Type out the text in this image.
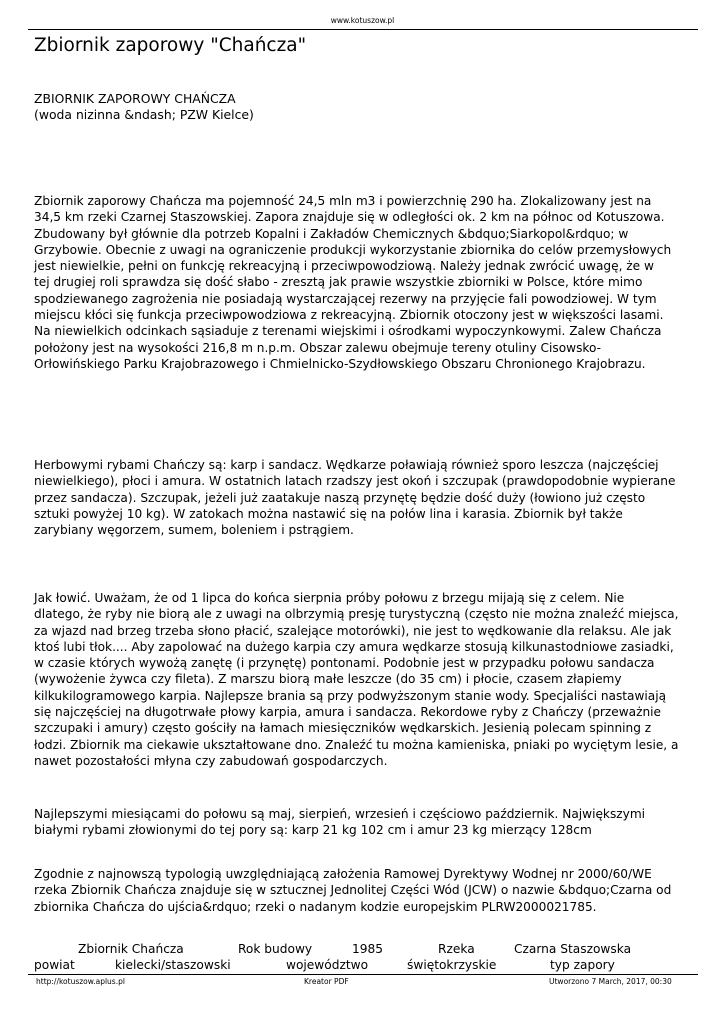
www.kotuszow.pl
Zbiornik zaporowy "Chańcza"
ZBIORNIK ZAPOROWY CHAŃCZA
(woda nizinna &ndash; PZW Kielce)
Zbiornik zaporowy Chańcza ma pojemność 24,5 mln m3 i powierzchnię 290 ha. Zlokalizowany jest na
34,5 km rzeki Czarnej Staszowskiej. Zapora znajduje się w odległości ok. 2 km na północ od Kotuszowa.
Zbudowany był głównie dla potrzeb Kopalni i Zakładów Chemicznych &bdquo;Siarkopol&rdquo; w
Grzybowie. Obecnie z uwagi na ograniczenie produkcji wykorzystanie zbiornika do celów przemysłowych
jest niewielkie, pełni on funkcję rekreacyjną i przeciwpowodziową. Należy jednak zwrócić uwagę, że w
tej drugiej roli sprawdza się dość słabo - zresztą jak prawie wszystkie zbiorniki w Polsce, które mimo
spodziewanego zagrożenia nie posiadają wystarczającej rezerwy na przyjęcie fali powodziowej. W tym
miejscu kłóci się funkcja przeciwpowodziowa z rekreacyjną. Zbiornik otoczony jest w większości lasami.
Na niewielkich odcinkach sąsiaduje z terenami wiejskimi i ośrodkami wypoczynkowymi. Zalew Chańcza
położony jest na wysokości 216,8 m n.p.m. Obszar zalewu obejmuje tereny otuliny Cisowsko-
Orłowińskiego Parku Krajobrazowego i Chmielnicko-Szydłowskiego Obszaru Chronionego Krajobrazu.
Herbowymi rybami Chańczy są: karp i sandacz. Wędkarze poławiają również sporo leszcza (najczęściej
niewielkiego), płoci i amura. W ostatnich latach rzadszy jest okoń i szczupak (prawdopodobnie wypierane
przez sandacza). Szczupak, jeżeli już zaatakuje naszą przynętę będzie dość duży (łowiono już często
sztuki powyżej 10 kg). W zatokach można nastawić się na połów lina i karasia. Zbiornik był także
zarybiany węgorzem, sumem, boleniem i pstrągiem.
Jak łowić. Uważam, że od 1 lipca do końca sierpnia próby połowu z brzegu mijają się z celem. Nie
dlatego, że ryby nie biorą ale z uwagi na olbrzymią presję turystyczną (często nie można znaleźć miejsca,
za wjazd nad brzeg trzeba słono płacić, szalejące motorówki), nie jest to wędkowanie dla relaksu. Ale jak
ktoś lubi tłok.... Aby zapolować na dużego karpia czy amura wędkarze stosują kilkunastodniowe zasiadki,
w czasie których wywożą zanętę (i przynętę) pontonami. Podobnie jest w przypadku połowu sandacza
(wywożenie żywca czy fileta). Z marszu biorą małe leszcze (do 35 cm) i płocie, czasem złapiemy
kilkukilogramowego karpia. Najlepsze brania są przy podwyższonym stanie wody. Specjaliści nastawiają
się najczęściej na długotrwałe płowy karpia, amura i sandacza. Rekordowe ryby z Chańczy (przeważnie
szczupaki i amury) często gościły na łamach miesięczników wędkarskich. Jesienią polecam spinning z
łodzi. Zbiornik ma ciekawie ukształtowane dno. Znaleźć tu można kamieniska, pniaki po wyciętym lesie, a
nawet pozostałości młyna czy zabudowań gospodarczych.
Najlepszymi miesiącami do połowu są maj, sierpień, wrzesień i częściowo październik. Największymi
białymi rybami złowionymi do tej pory są: karp 21 kg 102 cm i amur 23 kg mierzący 128cm
Zgodnie z najnowszą typologią uwzględniającą założenia Ramowej Dyrektywy Wodnej nr 2000/60/WE
rzeka Zbiornik Chańcza znajduje się w sztucznej Jednolitej Części Wód (JCW) o nazwie &bdquo;Czarna od
zbiornika Chańcza do ujścia&rdquo; rzeki o nadanym kodzie europejskim PLRW2000021785.
Zbiornik Chańcza	Rok budowy	1985	Rzeka	Czarna Staszowska
powiat	kielecki/staszowski	województwo	świętokrzyskie	typ zapory
http://kotuszow.aplus.pl	Kreator PDF	Utworzono 7 March, 2017, 00:30
